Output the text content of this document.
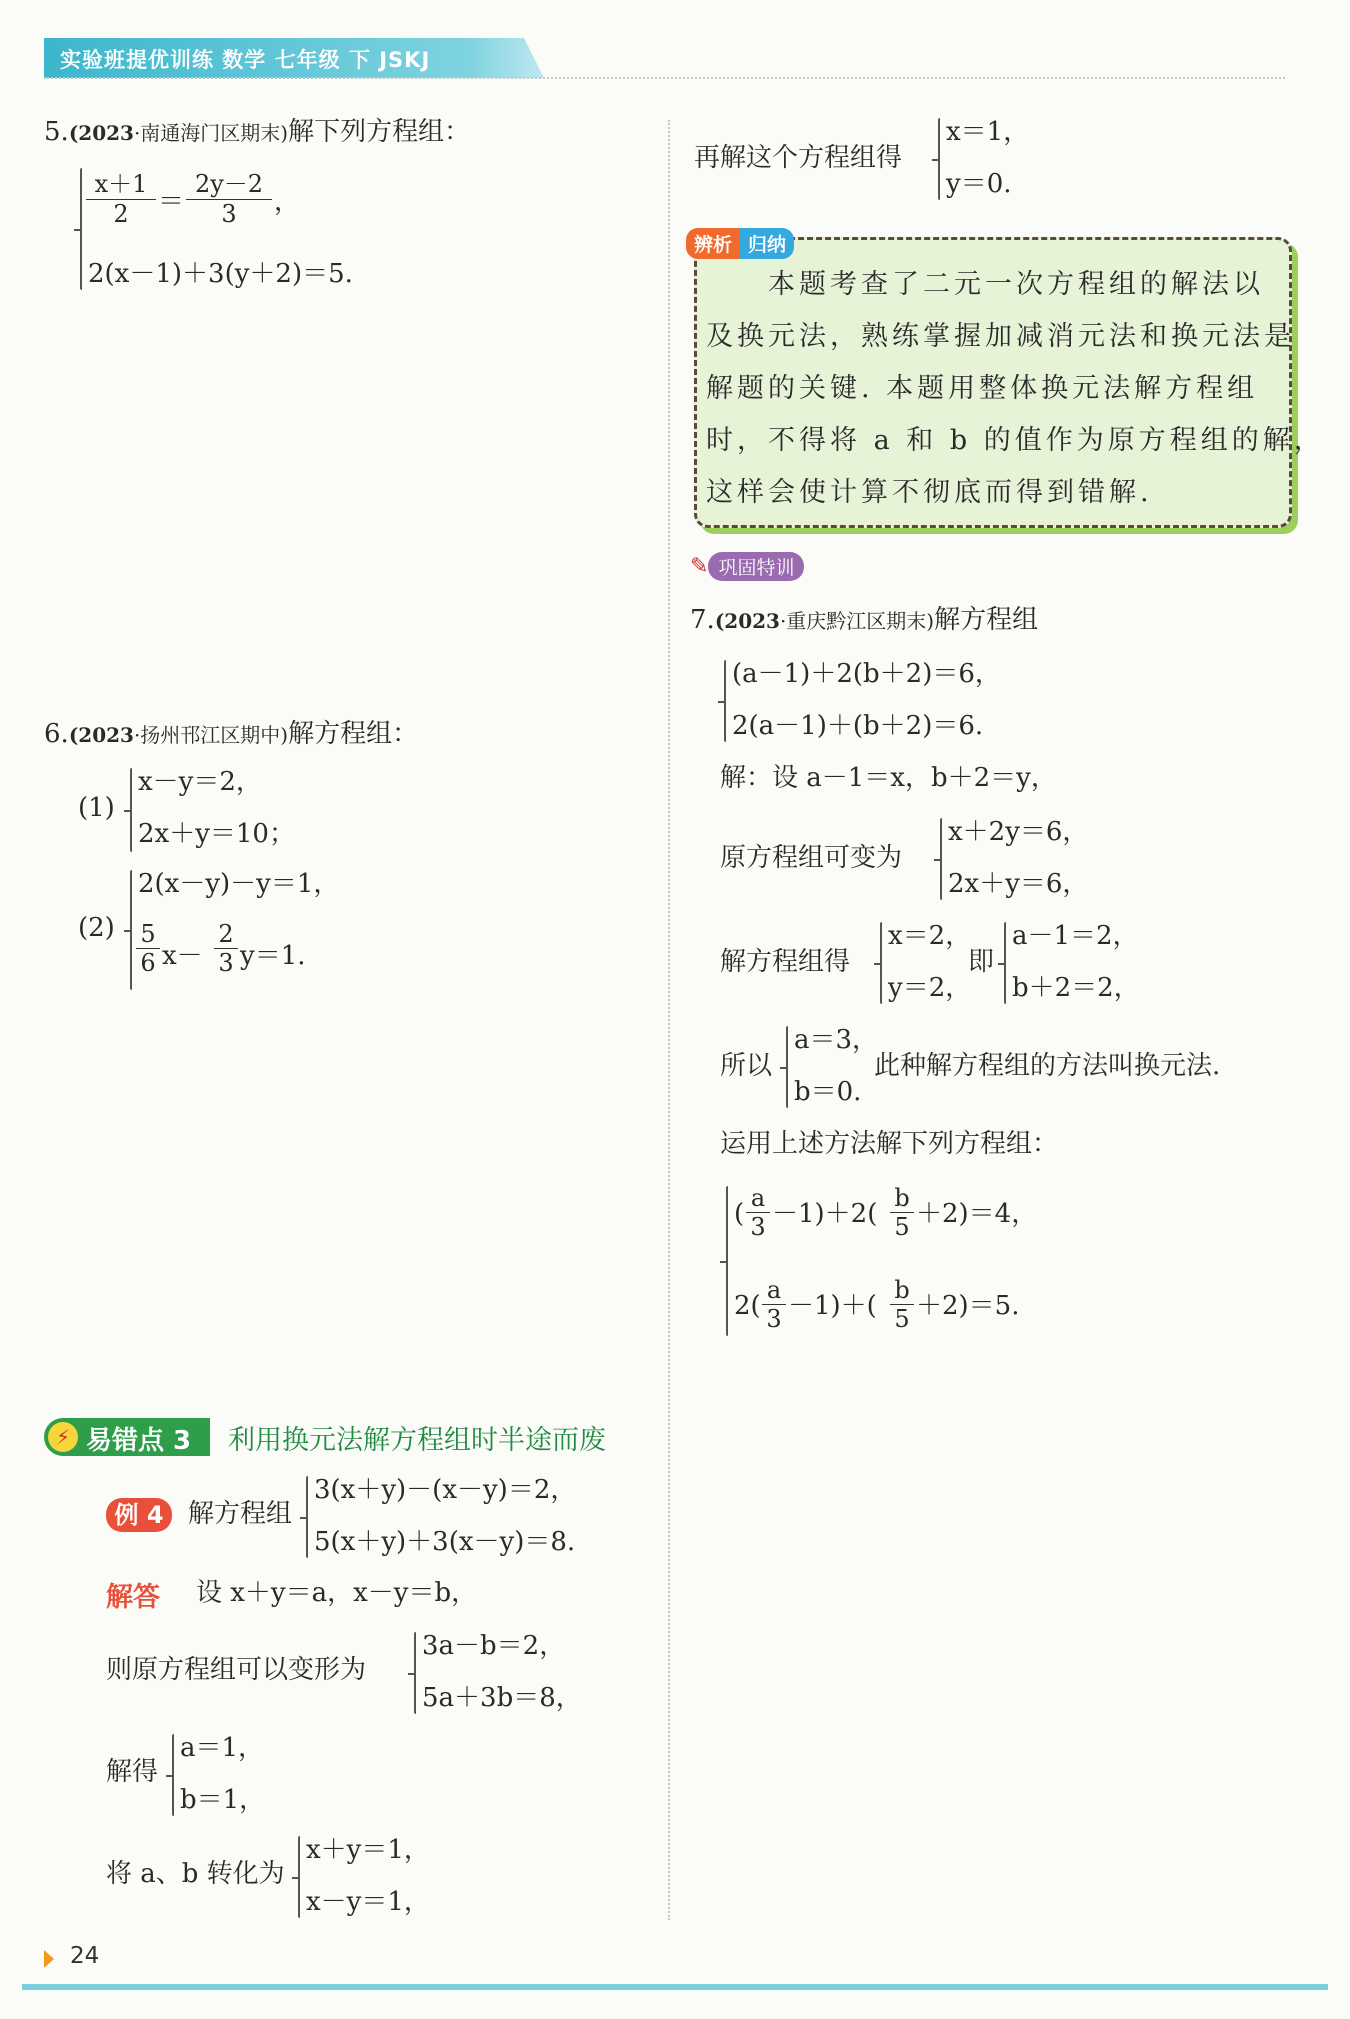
实验班提优训练 数学 七年级 下 JSKJ
5.(2023·南通海门区期末)解下列方程组：
$\frac{x+1}{2} = \frac{2y-2}{3}$ ，
2(x－1)＋3(y＋2)＝5.
6.(2023·扬州邗江区期中)解方程组：
(1)
x－y＝2，
2x＋y＝10；
(2)
2(x－y)－y＝1，
$\frac{5}{6} x- \frac{2}{3} y=1$.
⚡ 易错点 3 利用换元法解方程组时半途而废
例 4 解方程组
3(x＋y)－(x－y)＝2，
5(x＋y)＋3(x－y)＝8.
解答 设 x＋y＝a，x－y＝b，
则原方程组可以变形为
3a－b＝2，
5a＋3b＝8，
解得
a＝1，
b＝1，
将 a、b 转化为
x＋y＝1，
x－y＝1，
再解这个方程组得
x＝1，
y＝0.
辨析 归纳
　　本题考查了二元一次方程组的解法以
及换元法，熟练掌握加减消元法和换元法是
解题的关键. 本题用整体换元法解方程组
时，不得将 a 和 b 的值作为原方程组的解，
这样会使计算不彻底而得到错解.
✎ 巩固特训
7.(2023·重庆黔江区期末)解方程组
(a－1)＋2(b＋2)＝6，
2(a－1)＋(b＋2)＝6.
解：设 a－1＝x，b＋2＝y，
原方程组可变为
x＋2y＝6，
2x＋y＝6，
解方程组得
x＝2，
y＝2，
即
a－1＝2，
b＋2＝2，
所以
a＝3，
b＝0.
此种解方程组的方法叫换元法.
运用上述方法解下列方程组：
( $\frac{a}{3} -1)+2( \frac{b}{5} +2)=4$，
$2( \frac{a}{3} -1)+( \frac{b}{5} +2)=5$.
24
